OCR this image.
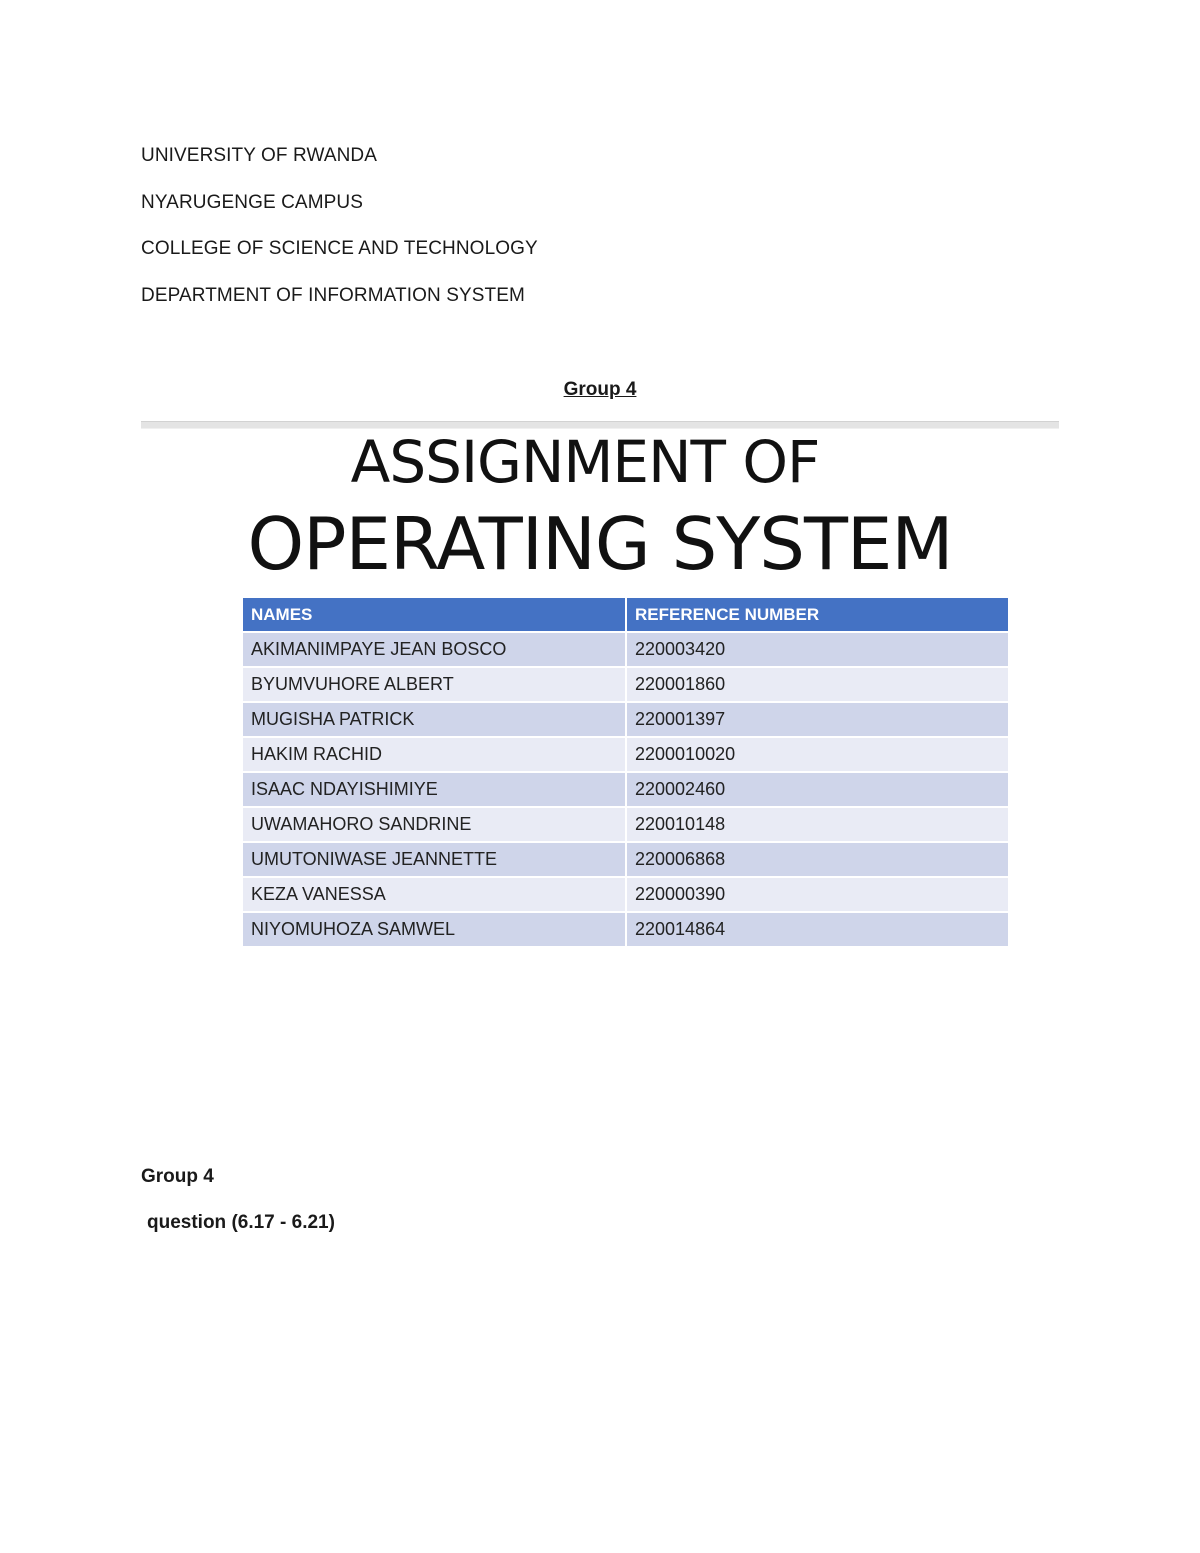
UNIVERSITY OF RWANDA
NYARUGENGE CAMPUS
COLLEGE OF SCIENCE AND TECHNOLOGY
DEPARTMENT OF INFORMATION SYSTEM
Group 4
ASSIGNMENT OF
OPERATING SYSTEM
NAMES	REFERENCE NUMBER
AKIMANIMPAYE JEAN BOSCO	220003420
BYUMVUHORE ALBERT	220001860
MUGISHA PATRICK	220001397
HAKIM RACHID	2200010020
ISAAC NDAYISHIMIYE	220002460
UWAMAHORO SANDRINE	220010148
UMUTONIWASE JEANNETTE	220006868
KEZA VANESSA	220000390
NIYOMUHOZA SAMWEL	220014864
Group 4
question (6.17 - 6.21)
